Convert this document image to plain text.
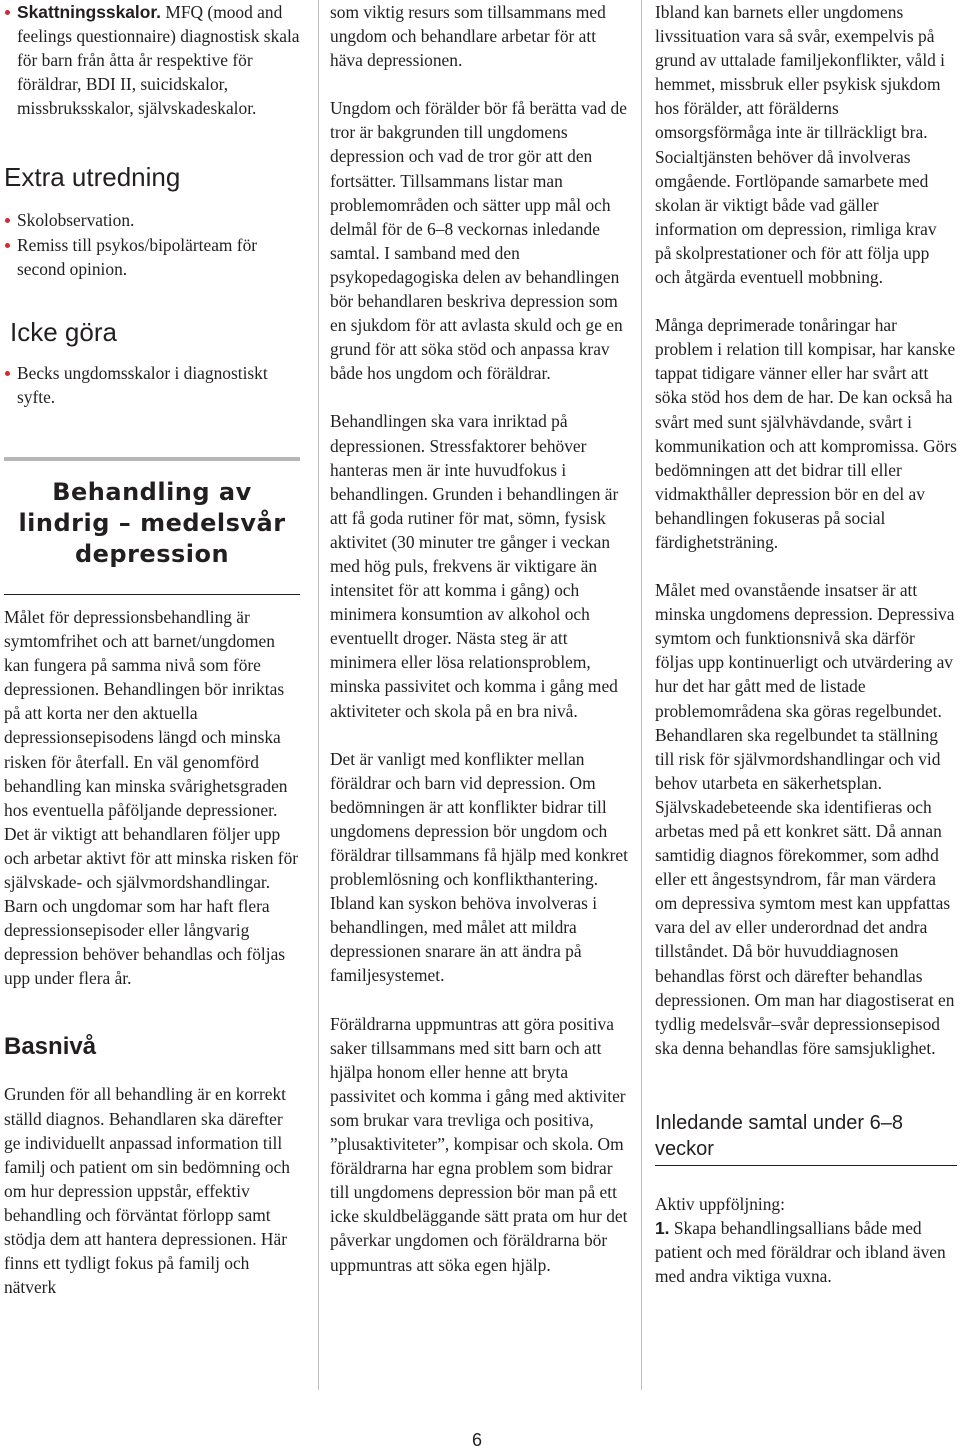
Skattningsskalor. MFQ (mood and feelings questionnaire) diagnostisk skala för barn från åtta år respektive för föräldrar, BDI II, suicidskalor, missbruksskalor, självskadeskalor.
Extra utredning
Skolobservation.
Remiss till psykos/bipolärteam för second opinion.
Icke göra
Becks ungdomsskalor i diagnostiskt syfte.
Behandling av lindrig – medelsvår depression

Målet för depressionsbehandling är symtomfrihet och att barnet/ungdomen kan fungera på samma nivå som före depressionen. Behandlingen bör inriktas på att korta ner den aktuella depressionsepisodens längd och minska risken för återfall. En väl genomförd behandling kan minska svårighetsgraden hos eventuella påföljande depressioner. Det är viktigt att behandlaren följer upp och arbetar aktivt för att minska risken för självskade- och självmordshandlingar. Barn och ungdomar som har haft flera depressionsepisoder eller långvarig depression behöver behandlas och följas upp under flera år.

Basnivå

Grunden för all behandling är en korrekt ställd diagnos. Behandlaren ska därefter ge individuellt anpassad information till familj och patient om sin bedömning och om hur depression uppstår, effektiv behandling och förväntat förlopp samt stödja dem att hantera depressionen. Här finns ett tydligt fokus på familj och nätverk

som viktig resurs som tillsammans med ungdom och behandlare arbetar för att häva depressionen.

Ungdom och förälder bör få berätta vad de tror är bakgrunden till ungdomens depression och vad de tror gör att den fortsätter. Tillsammans listar man problemområden och sätter upp mål och delmål för de 6–8 veckornas inledande samtal. I samband med den psykopedagogiska delen av behandlingen bör behandlaren beskriva depression som en sjukdom för att avlasta skuld och ge en grund för att söka stöd och anpassa krav både hos ungdom och föräldrar.

Behandlingen ska vara inriktad på depressionen. Stressfaktorer behöver hanteras men är inte huvudfokus i behandlingen. Grunden i behandlingen är att få goda rutiner för mat, sömn, fysisk aktivitet (30 minuter tre gånger i veckan med hög puls, frekvens är viktigare än intensitet för att komma i gång) och minimera konsumtion av alkohol och eventuellt droger. Nästa steg är att minimera eller lösa relationsproblem, minska passivitet och komma i gång med aktiviteter och skola på en bra nivå.

Det är vanligt med konflikter mellan föräldrar och barn vid depression. Om bedömningen är att konflikter bidrar till ungdomens depression bör ungdom och föräldrar tillsammans få hjälp med konkret problemlösning och konflikthantering. Ibland kan syskon behöva involveras i behandlingen, med målet att mildra depressionen snarare än att ändra på familjesystemet.

Föräldrarna uppmuntras att göra positiva saker tillsammans med sitt barn och att hjälpa honom eller henne att bryta passivitet och komma i gång med aktiviter som brukar vara trevliga och positiva, ”plusaktiviteter”, kompisar och skola. Om föräldrarna har egna problem som bidrar till ungdomens depression bör man på ett icke skuldbeläggande sätt prata om hur det påverkar ungdomen och föräldrarna bör uppmuntras att söka egen hjälp.

Ibland kan barnets eller ungdomens livssituation vara så svår, exempelvis på grund av uttalade familjekonflikter, våld i hemmet, missbruk eller psykisk sjukdom hos förälder, att förälderns omsorgsförmåga inte är tillräckligt bra. Socialtjänsten behöver då involveras omgående. Fortlöpande samarbete med skolan är viktigt både vad gäller information om depression, rimliga krav på skolprestationer och för att följa upp och åtgärda eventuell mobbning.

Många deprimerade tonåringar har problem i relation till kompisar, har kanske tappat tidigare vänner eller har svårt att söka stöd hos dem de har. De kan också ha svårt med sunt självhävdande, svårt i kommunikation och att kompromissa. Görs bedömningen att det bidrar till eller vidmakthåller depression bör en del av behandlingen fokuseras på social färdighetsträning.

Målet med ovanstående insatser är att minska ungdomens depression. Depressiva symtom och funktionsnivå ska därför följas upp kontinuerligt och utvärdering av hur det har gått med de listade problemområdena ska göras regelbundet. Behandlaren ska regelbundet ta ställning till risk för självmordshandlingar och vid behov utarbeta en säkerhetsplan. Självskadebeteende ska identifieras och arbetas med på ett konkret sätt. Då annan samtidig diagnos förekommer, som adhd eller ett ångestsyndrom, får man värdera om depressiva symtom mest kan uppfattas vara del av eller underordnad det andra tillståndet. Då bör huvuddiagnosen behandlas först och därefter behandlas depressionen. Om man har diagostiserat en tydlig medelsvår–svår depressionsepisod ska denna behandlas före samsjuklighet.

Inledande samtal under 6–8 veckor

Aktiv uppföljning:

1. Skapa behandlingsallians både med patient och med föräldrar och ibland även med andra viktiga vuxna.

6
